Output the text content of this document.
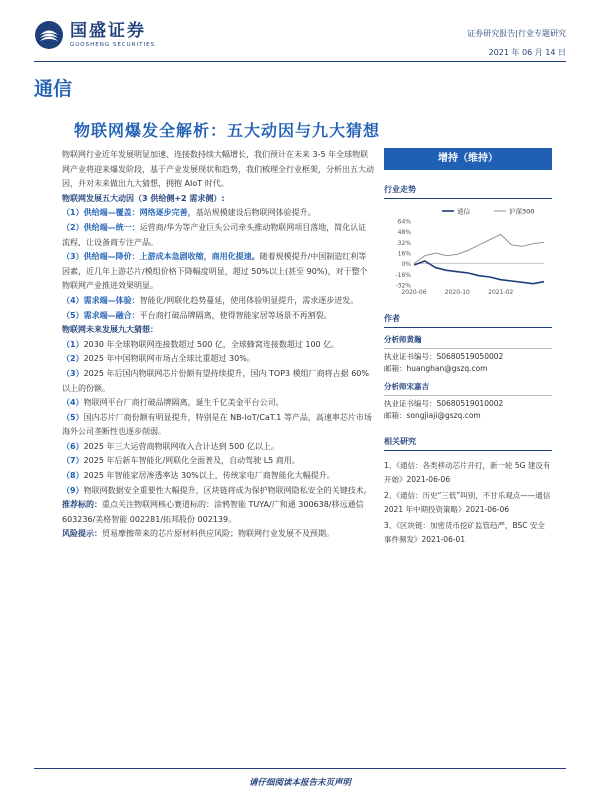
国盛证券
GUOSHENG SECURITIES
证券研究报告|行业专题研究
2021 年 06 月 14 日
通信
物联网爆发全解析：五大动因与九大猜想

物联网行业近年发展明显加速、连接数持续大幅增长，我们预计在未来 3-5 年全球物联网产业将迎来爆发阶段，基于产业发展现状和趋势，我们梳理全行业框架，分析出五大动因，并对未来做出九大猜想，拥抱 AIoT 时代。

物联网发展五大动因（3 供给侧+2 需求侧）:

（1）供给端—覆盖：网络逐步完善，基站规模建设后物联网体验提升。

（2）供给端—统一：运营商/华为等产业巨头公司牵头推动物联网项目落地，简化认证流程，让设备商专注产品。

（3）供给端—降价：上游成本急剧收缩，商用化提速。随着规模提升/中国制造红利等因素，近几年上游芯片/模组价格下降幅度明显，超过 50%以上(甚至 90%)，对于整个物联网产业推进效果明显。

（4）需求端—体验：智能化/网联化趋势蔓延，使用体验明显提升，需求逐步迸发。

（5）需求端—融合：平台商打破品牌隔离，使得智能家居等场景不再割裂。

物联网未来发展九大猜想：

（1）2030 年全球物联网连接数超过 500 亿，全球蜂窝连接数超过 100 亿。

（2）2025 年中国物联网市场占全球比重超过 30%。

（3）2025 年后国内物联网芯片份额有望持续提升，国内 TOP3 模组厂商将占据 60%以上的份额。

（4）物联网平台厂商打破品牌隔离，诞生千亿美金平台公司。

（5）国内芯片厂商份额有明显提升，特别是在 NB-IoT/CaT.1 等产品，高速率芯片市场海外公司垄断性也逐步削弱。

（6）2025 年三大运营商物联网收入合计达到 500 亿以上。

（7）2025 年后新车智能化/网联化全面普及，自动驾驶 L5 商用。

（8）2025 年智能家居渗透率达 30%以上，传统家电厂商智能化大幅提升。

（9）物联网数据安全重要性大幅提升，区块链将成为保护物联网隐私安全的关键技术。

推荐标的：重点关注物联网核心赛道标的：涂鸦智能 TUYA/广和通 300638/移远通信 603236/美格智能 002281/拓邦股份 002139。

风险提示：贸易摩擦带来的芯片原材料供应风险；物联网行业发展不及预期。

增持（维持）
行业走势
64%
48%
32%
16%
0%
-16%
-32%
2020-06	2020-10	2021-02
通信	沪深300
作者
分析师黄瀚
执业证书编号：S0680519050002
邮箱：huanghan@gszq.com
分析师宋嘉吉
执业证书编号：S0680519010002
邮箱：songjiaji@gszq.com
相关研究

1、《通信：各类移动芯片开打，新一轮 5G 建设有开始》2021-06-06

2、《通信：历史“三低”叫别，不甘乐观点——通信 2021 年中期投资策略》2021-06-06

3、《区块链：加密货币挖矿监管趋严，BSC 安全事件频发》2021-06-01

请仔细阅读本报告末页声明
